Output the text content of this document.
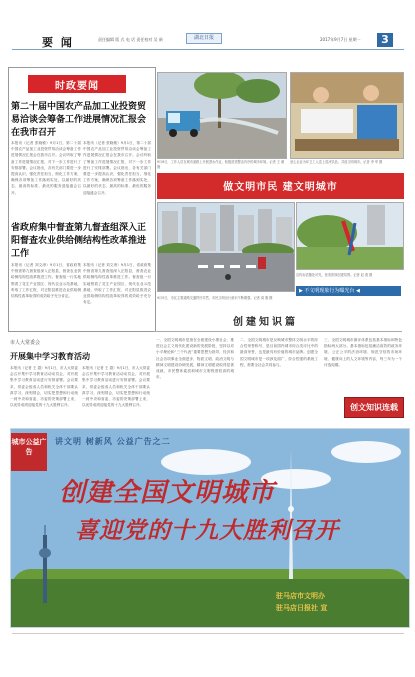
要 闻	责任编辑 版 式 电 话 责任校对 吴 新	湖北日报	2017年9月7日 星期一	3
时政要闻
第二十届中国农产品加工业投资贸易洽谈会筹备工作进展情况汇报会在我市召开
本报讯（记者 张晓敏）9月1日，第二十届中国农产品加工业投资贸易洽谈会筹备工作进展情况汇报会在我市召开。会议听取了筹备工作进展情况汇报，对下一步工作进行了安排部署。会议指出，各有关部门要进一步提高认识，强化责任担当，细化工作方案，确保各项筹备工作落到实处，以最好的状态、最高的标准、最优的服务迎接盛会召开。
本报讯（记者 张晓敏）9月1日，第二十届中国农产品加工业投资贸易洽谈会筹备工作进展情况汇报会在我市召开。会议听取了筹备工作进展情况汇报，对下一步工作进行了安排部署。会议指出，各有关部门要进一步提高认识，强化责任担当，细化工作方案，确保各项筹备工作落到实处，以最好的状态、最高的标准、最优的服务迎接盛会召开。
省政府集中督查第九督查组深入正阳督查农业供给侧结构性改革推进工作
本报讯（记者 刘文涛）9月1日，省政府集中督查第九督查组深入正阳县，督查农业供给侧结构性改革推进工作。督查组一行实地察看了花生产业园区、现代农业示范基地，听取了工作汇报，对正阳县推进农业供给侧结构性改革取得的成效给予充分肯定。
本报讯（记者 刘文涛）9月1日，省政府集中督查第九督查组深入正阳县，督查农业供给侧结构性改革推进工作。督查组一行实地察看了花生产业园区、现代农业示范基地，听取了工作汇报，对正阳县推进农业供给侧结构性改革取得的成效给予充分肯定。
9月6日，工作人员在城市道路上开展洒水作业，积极营造整洁有序的城市环境。记者 王 薇 摄
爱心企业为环卫工人送上清凉饮品，共创文明城市。记者 李 军 摄
做文明市民 建文明城市
9月5日，市区主要道路交通秩序井然，市民文明出行意识不断增强。记者 周 刚 摄
宣传标语随处可见，营造浓厚创建氛围。记者 赵 燕 摄
▶ 不文明现象行为曝光台 ◀
创建知识篇
一、全国文明城市是指在全面建设小康社会、推进社会主义现代化建设新的发展阶段，坚持以邓小平理论和“三个代表”重要思想为指导，经济和社会各项事业全面进步，物质文明、政治文明与精神文明建设协调发展，精神文明建设取得显著成就，市民整体素质和城市文明程度较高的城市。
二、全国文明城市是反映城市整体文明水平的综合性荣誉称号，是目前国内城市综合类评比中的最高荣誉，也是最具有价值的城市品牌。创建全国文明城市是一项涉及面广、综合性强的系统工程，需要全社会共同参与。
三、全国文明城市测评体系包括基本指标和特色指标两大部分。基本指标包括廉洁高效的政务环境、公正公平的法治环境、规范守信的市场环境、健康向上的人文环境等内容，每三年为一个评选周期。
创文知识连载
市人大常委会
开展集中学习教育活动
本报讯（记者 王 超）9月1日，市人大常委会召开集中学习教育活动动员会，对开展集中学习教育活动进行安排部署。会议要求，常委会组成人员和机关全体干部要认真学习，深刻领会，切实把思想和行动统一到中央和省委、市委的决策部署上来，以优异成绩迎接党的十九大胜利召开。
本报讯（记者 王 超）9月1日，市人大常委会召开集中学习教育活动动员会，对开展集中学习教育活动进行安排部署。会议要求，常委会组成人员和机关全体干部要认真学习，深刻领会，切实把思想和行动统一到中央和省委、市委的决策部署上来，以优异成绩迎接党的十九大胜利召开。
城市公益广告
讲文明 树新风 公益广告之二
创建全国文明城市
喜迎党的十九大胜利召开
驻马店市文明办
驻马店日报社 宣
